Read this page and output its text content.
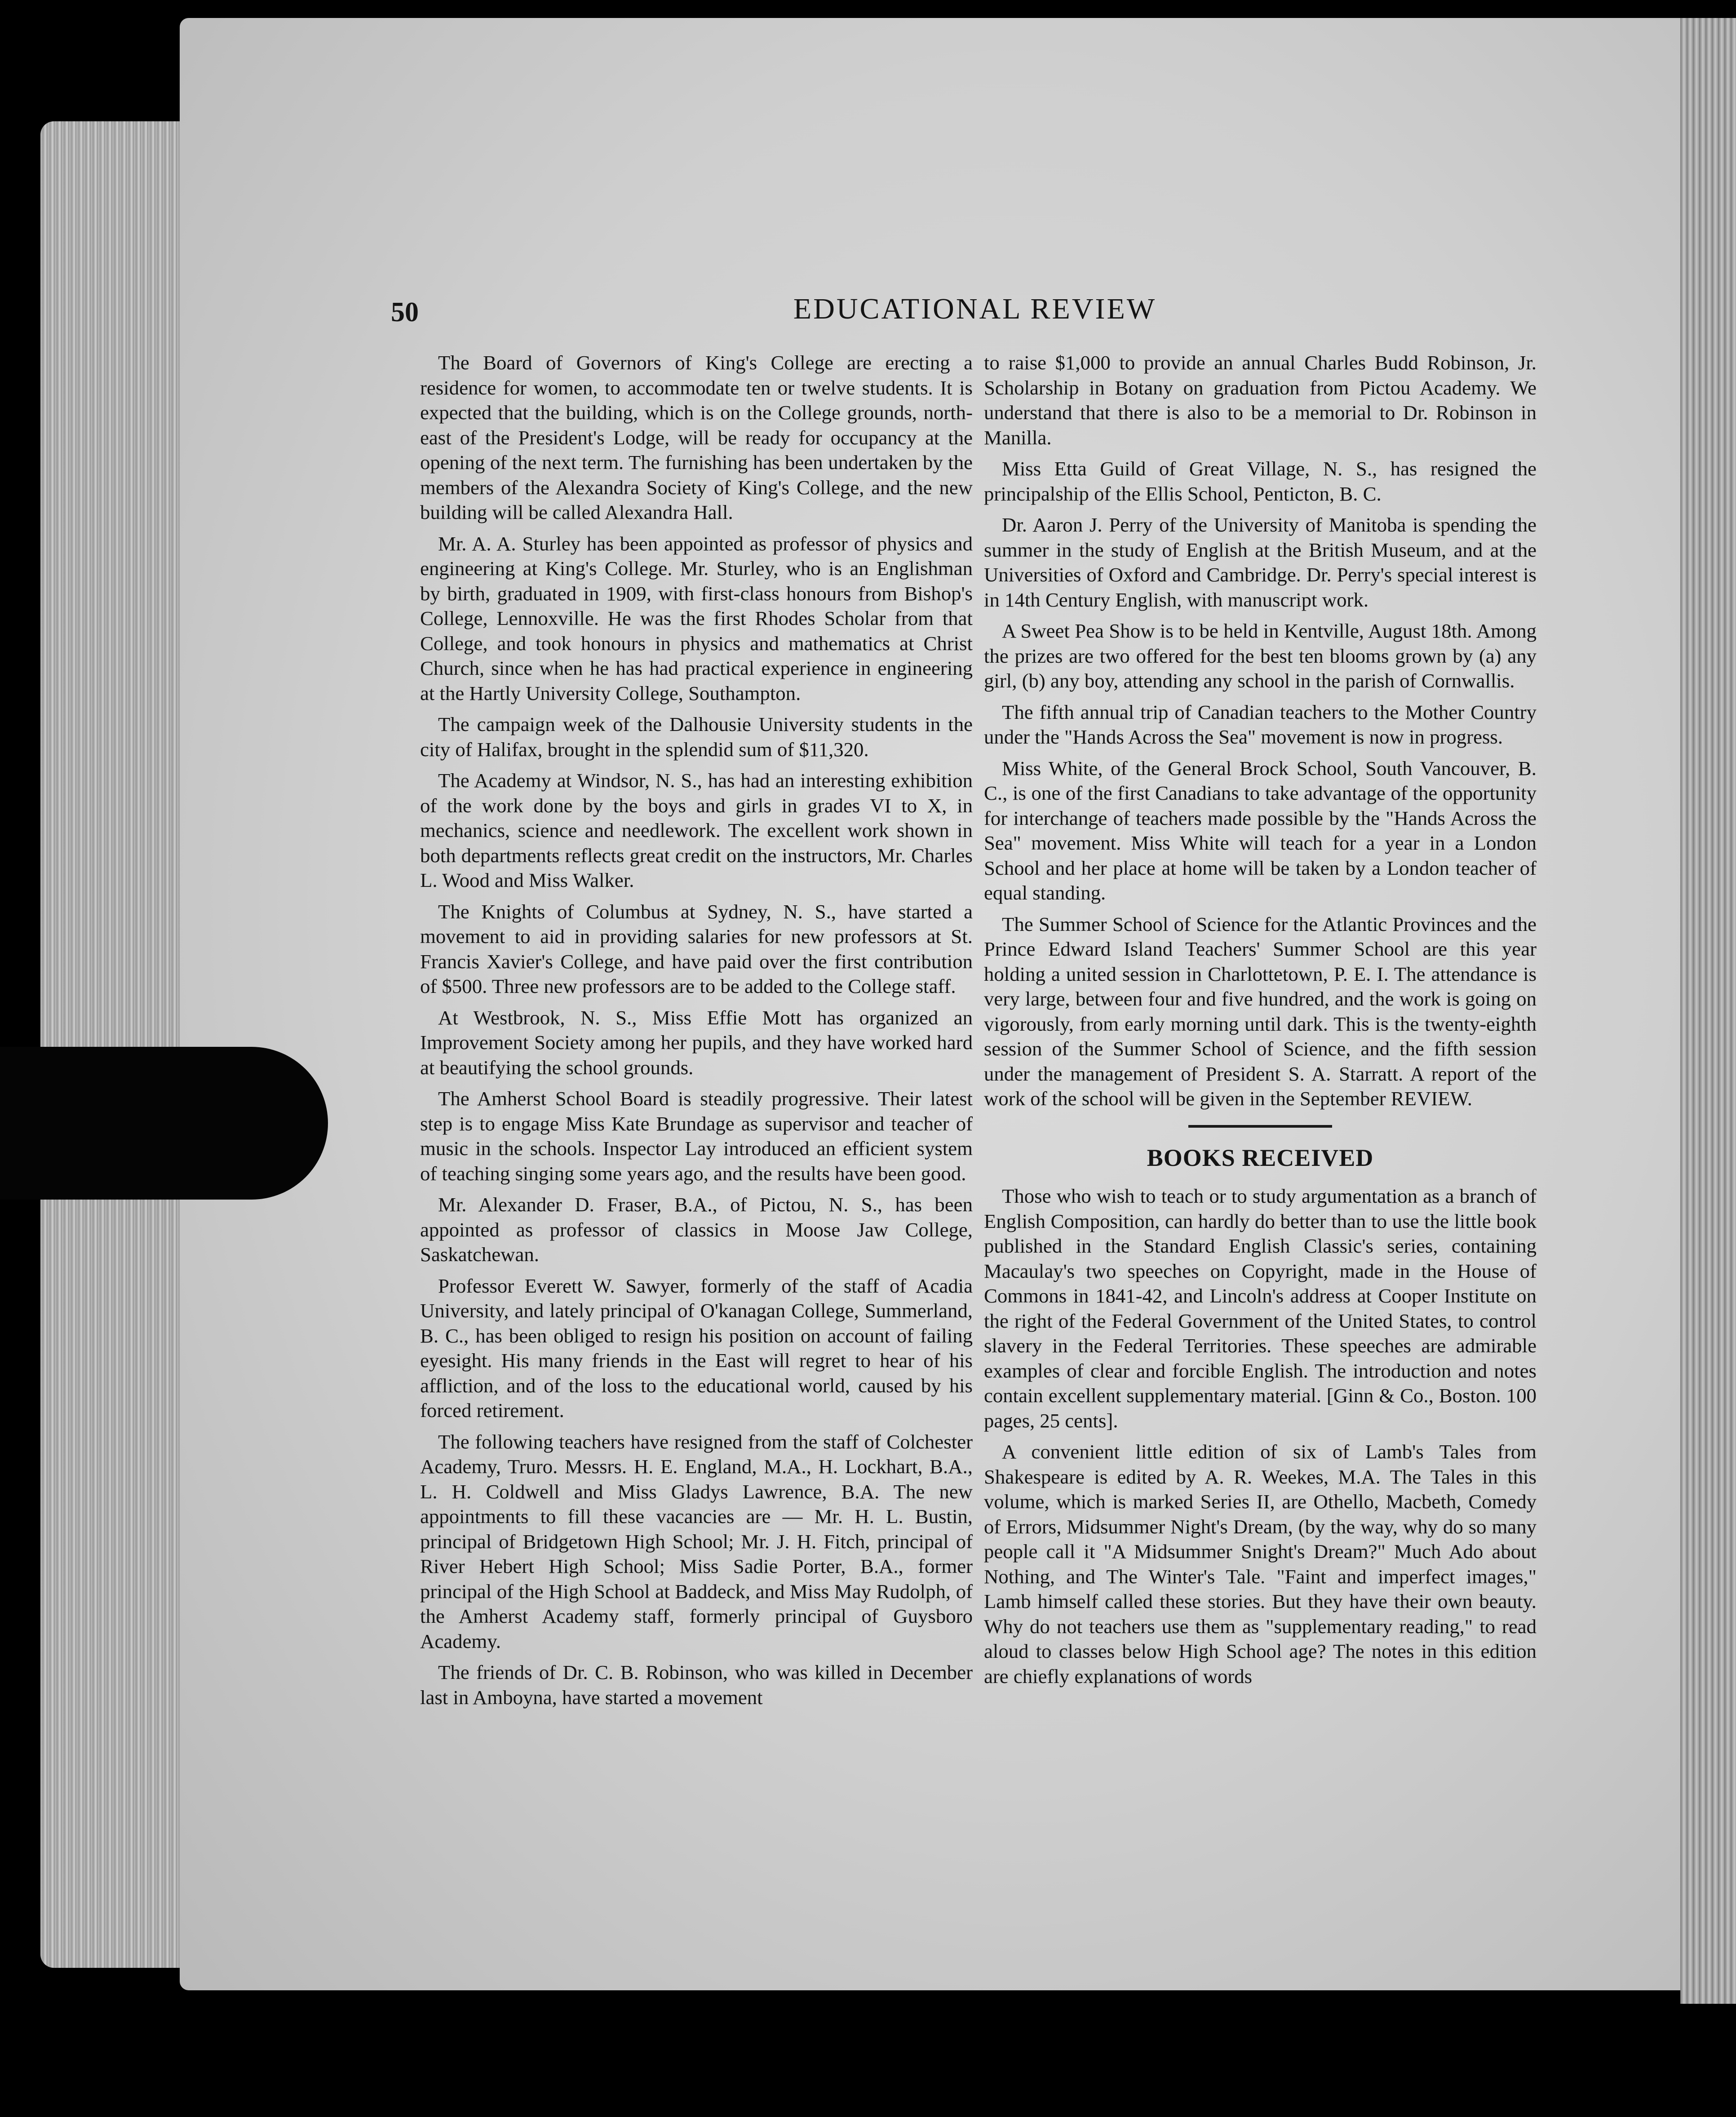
50	EDUCATIONAL REVIEW

The Board of Governors of King's College are erecting a residence for women, to accommodate ten or twelve students. It is expected that the building, which is on the College grounds, north-east of the President's Lodge, will be ready for occupancy at the opening of the next term. The furnishing has been undertaken by the members of the Alexandra Society of King's College, and the new building will be called Alexandra Hall.

Mr. A. A. Sturley has been appointed as professor of physics and engineering at King's College. Mr. Sturley, who is an Englishman by birth, graduated in 1909, with first-class honours from Bishop's College, Lennoxville. He was the first Rhodes Scholar from that College, and took honours in physics and mathematics at Christ Church, since when he has had practical experience in engineering at the Hartly University College, Southampton.

The campaign week of the Dalhousie University students in the city of Halifax, brought in the splendid sum of $11,320.

The Academy at Windsor, N. S., has had an interesting exhibition of the work done by the boys and girls in grades VI to X, in mechanics, science and needlework. The excellent work shown in both departments reflects great credit on the instructors, Mr. Charles L. Wood and Miss Walker.

The Knights of Columbus at Sydney, N. S., have started a movement to aid in providing salaries for new professors at St. Francis Xavier's College, and have paid over the first contribution of $500. Three new professors are to be added to the College staff.

At Westbrook, N. S., Miss Effie Mott has organized an Improvement Society among her pupils, and they have worked hard at beautifying the school grounds.

The Amherst School Board is steadily progressive. Their latest step is to engage Miss Kate Brundage as supervisor and teacher of music in the schools. Inspector Lay introduced an efficient system of teaching singing some years ago, and the results have been good.

Mr. Alexander D. Fraser, B.A., of Pictou, N. S., has been appointed as professor of classics in Moose Jaw College, Saskatchewan.

Professor Everett W. Sawyer, formerly of the staff of Acadia University, and lately principal of O'kanagan College, Summerland, B. C., has been obliged to resign his position on account of failing eyesight. His many friends in the East will regret to hear of his affliction, and of the loss to the educational world, caused by his forced retirement.

The following teachers have resigned from the staff of Colchester Academy, Truro. Messrs. H. E. England, M.A., H. Lockhart, B.A., L. H. Coldwell and Miss Gladys Lawrence, B.A. The new appointments to fill these vacancies are — Mr. H. L. Bustin, principal of Bridgetown High School; Mr. J. H. Fitch, principal of River Hebert High School; Miss Sadie Porter, B.A., former principal of the High School at Baddeck, and Miss May Rudolph, of the Amherst Academy staff, formerly principal of Guysboro Academy.

The friends of Dr. C. B. Robinson, who was killed in December last in Amboyna, have started a movement

to raise $1,000 to provide an annual Charles Budd Robinson, Jr. Scholarship in Botany on graduation from Pictou Academy. We understand that there is also to be a memorial to Dr. Robinson in Manilla.

Miss Etta Guild of Great Village, N. S., has resigned the principalship of the Ellis School, Penticton, B. C.

Dr. Aaron J. Perry of the University of Manitoba is spending the summer in the study of English at the British Museum, and at the Universities of Oxford and Cambridge. Dr. Perry's special interest is in 14th Century English, with manuscript work.

A Sweet Pea Show is to be held in Kentville, August 18th. Among the prizes are two offered for the best ten blooms grown by (a) any girl, (b) any boy, attending any school in the parish of Cornwallis.

The fifth annual trip of Canadian teachers to the Mother Country under the "Hands Across the Sea" movement is now in progress.

Miss White, of the General Brock School, South Vancouver, B. C., is one of the first Canadians to take advantage of the opportunity for interchange of teachers made possible by the "Hands Across the Sea" movement. Miss White will teach for a year in a London School and her place at home will be taken by a London teacher of equal standing.

The Summer School of Science for the Atlantic Provinces and the Prince Edward Island Teachers' Summer School are this year holding a united session in Charlottetown, P. E. I. The attendance is very large, between four and five hundred, and the work is going on vigorously, from early morning until dark. This is the twenty-eighth session of the Summer School of Science, and the fifth session under the management of President S. A. Starratt. A report of the work of the school will be given in the September REVIEW.

BOOKS RECEIVED

Those who wish to teach or to study argumentation as a branch of English Composition, can hardly do better than to use the little book published in the Standard English Classic's series, containing Macaulay's two speeches on Copyright, made in the House of Commons in 1841-42, and Lincoln's address at Cooper Institute on the right of the Federal Government of the United States, to control slavery in the Federal Territories. These speeches are admirable examples of clear and forcible English. The introduction and notes contain excellent supplementary material. [Ginn & Co., Boston. 100 pages, 25 cents].

A convenient little edition of six of Lamb's Tales from Shakespeare is edited by A. R. Weekes, M.A. The Tales in this volume, which is marked Series II, are Othello, Macbeth, Comedy of Errors, Midsummer Night's Dream, (by the way, why do so many people call it "A Midsummer Snight's Dream?" Much Ado about Nothing, and The Winter's Tale. "Faint and imperfect images," Lamb himself called these stories. But they have their own beauty. Why do not teachers use them as "supplementary reading," to read aloud to classes below High School age? The notes in this edition are chiefly explanations of words
